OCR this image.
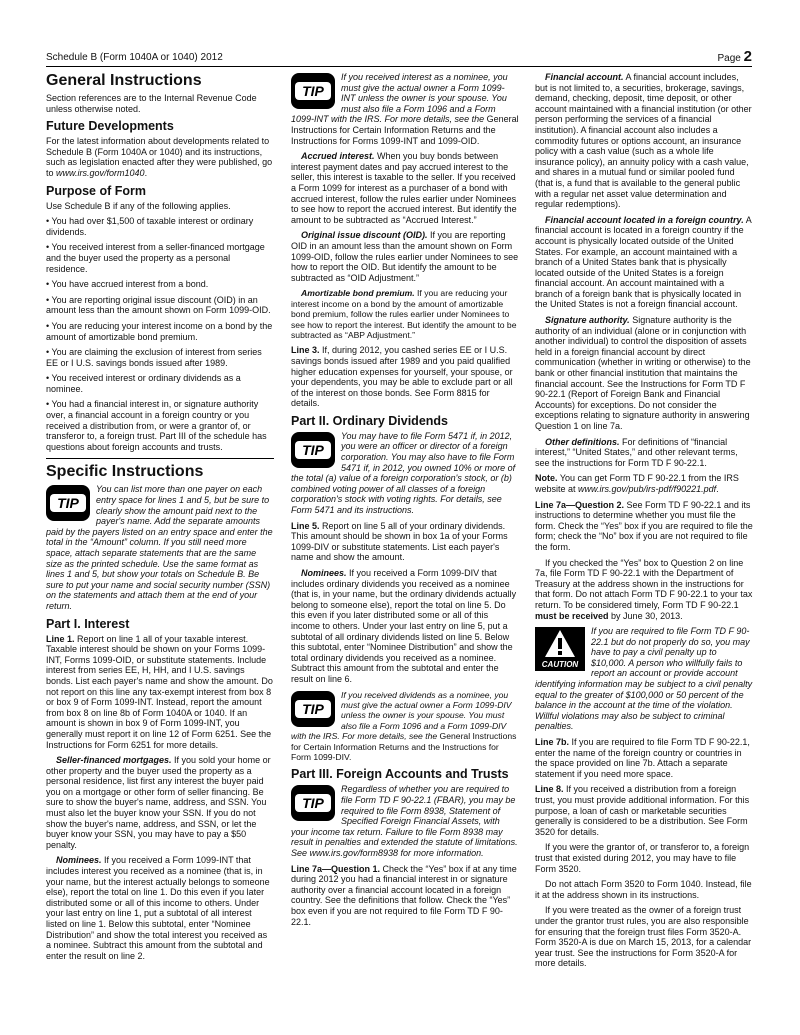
Schedule B (Form 1040A or 1040) 2012	Page 2
General Instructions

Section references are to the Internal Revenue Code unless otherwise noted.

Future Developments

For the latest information about developments related to Schedule B (Form 1040A or 1040) and its instructions, such as legislation enacted after they were published, go to www.irs.gov/form1040.

Purpose of Form

Use Schedule B if any of the following applies.

• You had over $1,500 of taxable interest or ordinary dividends.

• You received interest from a seller-financed mortgage and the buyer used the property as a personal residence.

• You have accrued interest from a bond.

• You are reporting original issue discount (OID) in an amount less than the amount shown on Form 1099-OID.

• You are reducing your interest income on a bond by the amount of amortizable bond premium.

• You are claiming the exclusion of interest from series EE or I U.S. savings bonds issued after 1989.

• You received interest or ordinary dividends as a nominee.

• You had a financial interest in, or signature authority over, a financial account in a foreign country or you received a distribution from, or were a grantor of, or transferor to, a foreign trust. Part III of the schedule has questions about foreign accounts and trusts.

Specific Instructions
TIP
You can list more than one payer on each entry space for lines 1 and 5, but be sure to clearly show the amount paid next to the payer's name. Add the separate amounts paid by the payers listed on an entry space and enter the total in the “Amount” column. If you still need more space, attach separate statements that are the same size as the printed schedule. Use the same format as lines 1 and 5, but show your totals on Schedule B. Be sure to put your name and social security number (SSN) on the statements and attach them at the end of your return.
Part I. Interest

Line 1. Report on line 1 all of your taxable interest. Taxable interest should be shown on your Forms 1099-INT, Forms 1099-OID, or substitute statements. Include interest from series EE, H, HH, and I U.S. savings bonds. List each payer's name and show the amount. Do not report on this line any tax-exempt interest from box 8 or box 9 of Form 1099-INT. Instead, report the amount from box 8 on line 8b of Form 1040A or 1040. If an amount is shown in box 9 of Form 1099-INT, you generally must report it on line 12 of Form 6251. See the Instructions for Form 6251 for more details.

Seller-financed mortgages. If you sold your home or other property and the buyer used the property as a personal residence, list first any interest the buyer paid you on a mortgage or other form of seller financing. Be sure to show the buyer's name, address, and SSN. You must also let the buyer know your SSN. If you do not show the buyer's name, address, and SSN, or let the buyer know your SSN, you may have to pay a $50 penalty.

Nominees. If you received a Form 1099-INT that includes interest you received as a nominee (that is, in your name, but the interest actually belongs to someone else), report the total on line 1. Do this even if you later distributed some or all of this income to others. Under your last entry on line 1, put a subtotal of all interest listed on line 1. Below this subtotal, enter “Nominee Distribution” and show the total interest you received as a nominee. Subtract this amount from the subtotal and enter the result on line 2.

TIP
If you received interest as a nominee, you must give the actual owner a Form 1099-INT unless the owner is your spouse. You must also file a Form 1096 and a Form 1099-INT with the IRS. For more details, see the General Instructions for Certain Information Returns and the Instructions for Forms 1099-INT and 1099-OID.

Accrued interest. When you buy bonds between interest payment dates and pay accrued interest to the seller, this interest is taxable to the seller. If you received a Form 1099 for interest as a purchaser of a bond with accrued interest, follow the rules earlier under Nominees to see how to report the accrued interest. But identify the amount to be subtracted as “Accrued Interest.”

Original issue discount (OID). If you are reporting OID in an amount less than the amount shown on Form 1099-OID, follow the rules earlier under Nominees to see how to report the OID. But identify the amount to be subtracted as “OID Adjustment.”

Amortizable bond premium. If you are reducing your interest income on a bond by the amount of amortizable bond premium, follow the rules earlier under Nominees to see how to report the interest. But identify the amount to be subtracted as “ABP Adjustment.”

Line 3. If, during 2012, you cashed series EE or I U.S. savings bonds issued after 1989 and you paid qualified higher education expenses for yourself, your spouse, or your dependents, you may be able to exclude part or all of the interest on those bonds. See Form 8815 for details.

Part II. Ordinary Dividends
TIP
You may have to file Form 5471 if, in 2012, you were an officer or director of a foreign corporation. You may also have to file Form 5471 if, in 2012, you owned 10% or more of the total (a) value of a foreign corporation's stock, or (b) combined voting power of all classes of a foreign corporation's stock with voting rights. For details, see Form 5471 and its instructions.

Line 5. Report on line 5 all of your ordinary dividends. This amount should be shown in box 1a of your Forms 1099-DIV or substitute statements. List each payer's name and show the amount.

Nominees. If you received a Form 1099-DIV that includes ordinary dividends you received as a nominee (that is, in your name, but the ordinary dividends actually belong to someone else), report the total on line 5. Do this even if you later distributed some or all of this income to others. Under your last entry on line 5, put a subtotal of all ordinary dividends listed on line 5. Below this subtotal, enter “Nominee Distribution” and show the total ordinary dividends you received as a nominee. Subtract this amount from the subtotal and enter the result on line 6.

TIP
If you received dividends as a nominee, you must give the actual owner a Form 1099-DIV unless the owner is your spouse. You must also file a Form 1096 and a Form 1099-DIV with the IRS. For more details, see the General Instructions for Certain Information Returns and the Instructions for Form 1099-DIV.
Part III. Foreign Accounts and Trusts
TIP
Regardless of whether you are required to file Form TD F 90-22.1 (FBAR), you may be required to file Form 8938, Statement of Specified Foreign Financial Assets, with your income tax return. Failure to file Form 8938 may result in penalties and extended the statute of limitations. See www.irs.gov/form8938 for more information.

Line 7a—Question 1. Check the “Yes” box if at any time during 2012 you had a financial interest in or signature authority over a financial account located in a foreign country. See the definitions that follow. Check the “Yes” box even if you are not required to file Form TD F 90-22.1.

Financial account. A financial account includes, but is not limited to, a securities, brokerage, savings, demand, checking, deposit, time deposit, or other account maintained with a financial institution (or other person performing the services of a financial institution). A financial account also includes a commodity futures or options account, an insurance policy with a cash value (such as a whole life insurance policy), an annuity policy with a cash value, and shares in a mutual fund or similar pooled fund (that is, a fund that is available to the general public with a regular net asset value determination and regular redemptions).

Financial account located in a foreign country. A financial account is located in a foreign country if the account is physically located outside of the United States. For example, an account maintained with a branch of a United States bank that is physically located outside of the United States is a foreign financial account. An account maintained with a branch of a foreign bank that is physically located in the United States is not a foreign financial account.

Signature authority. Signature authority is the authority of an individual (alone or in conjunction with another individual) to control the disposition of assets held in a foreign financial account by direct communication (whether in writing or otherwise) to the bank or other financial institution that maintains the financial account. See the Instructions for Form TD F 90-22.1 (Report of Foreign Bank and Financial Accounts) for exceptions. Do not consider the exceptions relating to signature authority in answering Question 1 on line 7a.

Other definitions. For definitions of “financial interest,” “United States,” and other relevant terms, see the instructions for Form TD F 90-22.1.

Note. You can get Form TD F 90-22.1 from the IRS website at www.irs.gov/pub/irs-pdf/f90221.pdf.

Line 7a—Question 2. See Form TD F 90-22.1 and its instructions to determine whether you must file the form. Check the “Yes” box if you are required to file the form; check the “No” box if you are not required to file the form.

If you checked the “Yes” box to Question 2 on line 7a, file Form TD F 90-22.1 with the Department of Treasury at the address shown in the instructions for that form. Do not attach Form TD F 90-22.1 to your tax return. To be considered timely, Form TD F 90-22.1 must be received by June 30, 2013.

CAUTION
If you are required to file Form TD F 90-22.1 but do not properly do so, you may have to pay a civil penalty up to $10,000. A person who willfully fails to report an account or provide account identifying information may be subject to a civil penalty equal to the greater of $100,000 or 50 percent of the balance in the account at the time of the violation. Willful violations may also be subject to criminal penalties.

Line 7b. If you are required to file Form TD F 90-22.1, enter the name of the foreign country or countries in the space provided on line 7b. Attach a separate statement if you need more space.

Line 8. If you received a distribution from a foreign trust, you must provide additional information. For this purpose, a loan of cash or marketable securities generally is considered to be a distribution. See Form 3520 for details.

If you were the grantor of, or transferor to, a foreign trust that existed during 2012, you may have to file Form 3520.

Do not attach Form 3520 to Form 1040. Instead, file it at the address shown in its instructions.

If you were treated as the owner of a foreign trust under the grantor trust rules, you are also responsible for ensuring that the foreign trust files Form 3520-A. Form 3520-A is due on March 15, 2013, for a calendar year trust. See the instructions for Form 3520-A for more details.
